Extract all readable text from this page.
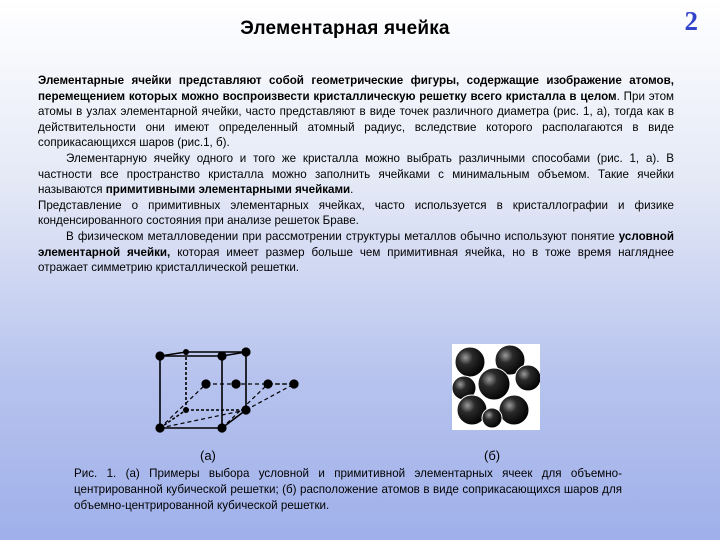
Элементарная ячейка	2

Элементарные ячейки представляют собой геометрические фигуры, содержащие изображение атомов, перемещением которых можно воспроизвести кристаллическую решетку всего кристалла в целом. При этом атомы в узлах элементарной ячейки, часто представляют в виде точек различного диаметра (рис. 1, а), тогда как в действительности они имеют определенный атомный радиус, вследствие которого располагаются в виде соприкасающихся шаров (рис.1, б).

Элементарную ячейку одного и того же кристалла можно выбрать различными способами (рис. 1, а). В частности все пространство кристалла можно заполнить ячейками с минимальным объемом. Такие ячейки называются примитивными элементарными ячейками.

Представление о примитивных элементарных ячейках, часто используется в кристаллографии и физике конденсированного состояния при анализе решеток Браве.

В физическом металловедении при рассмотрении структуры металлов обычно используют понятие условной элементарной ячейки, которая имеет размер больше чем примитивная ячейка, но в тоже время нагляднее отражает симметрию кристаллической решетки.

(а)	(б)
Рис. 1. (а) Примеры выбора условной и примитивной элементарных ячеек для объемно-центрированной кубической решетки; (б) расположение атомов в виде соприкасающихся шаров для объемно-центрированной кубической решетки.
